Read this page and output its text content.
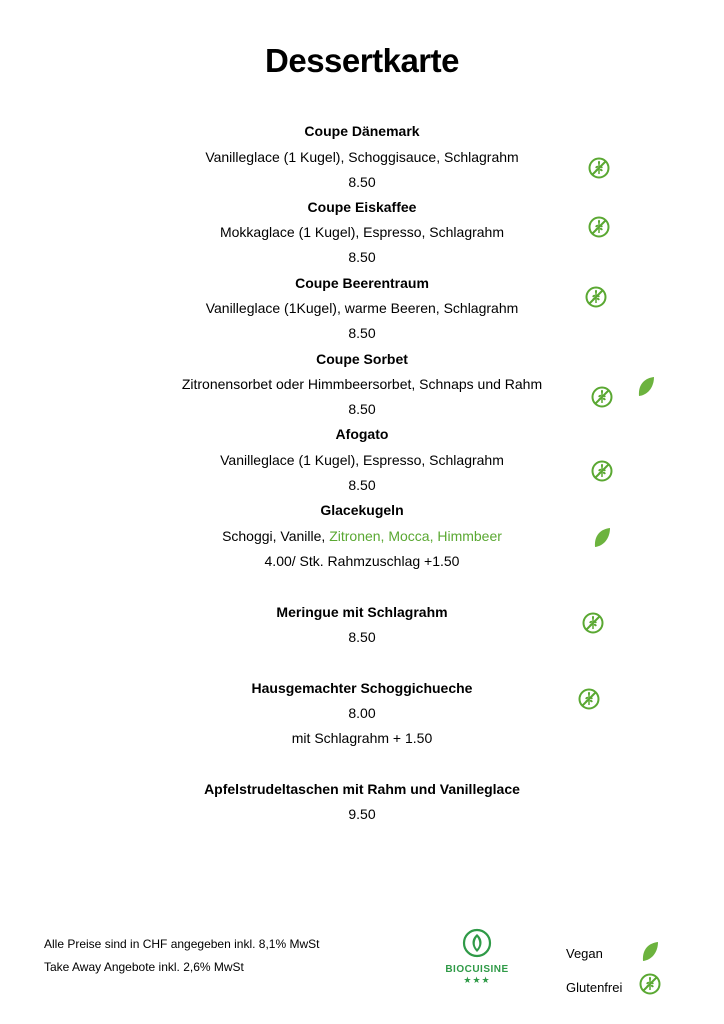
Dessertkarte
Coupe Dänemark
Vanilleglace (1 Kugel), Schoggisauce, Schlagrahm
8.50
Coupe Eiskaffee
Mokkaglace (1 Kugel), Espresso, Schlagrahm
8.50
Coupe Beerentraum
Vanilleglace (1Kugel), warme Beeren, Schlagrahm
8.50
Coupe Sorbet
Zitronensorbet oder Himmbeersorbet, Schnaps und Rahm
8.50
Afogato
Vanilleglace (1 Kugel), Espresso, Schlagrahm
8.50
Glacekugeln
Schoggi, Vanille, Zitronen, Mocca, Himmbeer
4.00/ Stk. Rahmzuschlag +1.50
Meringue mit Schlagrahm
8.50
Hausgemachter Schoggichueche
8.00
mit Schlagrahm + 1.50
Apfelstrudeltaschen mit Rahm und Vanilleglace
9.50
Alle Preise sind in CHF angegeben inkl. 8,1% MwSt
Take Away Angebote inkl. 2,6% MwSt	BIOCUISINE
★★★

Vegan
Glutenfrei
